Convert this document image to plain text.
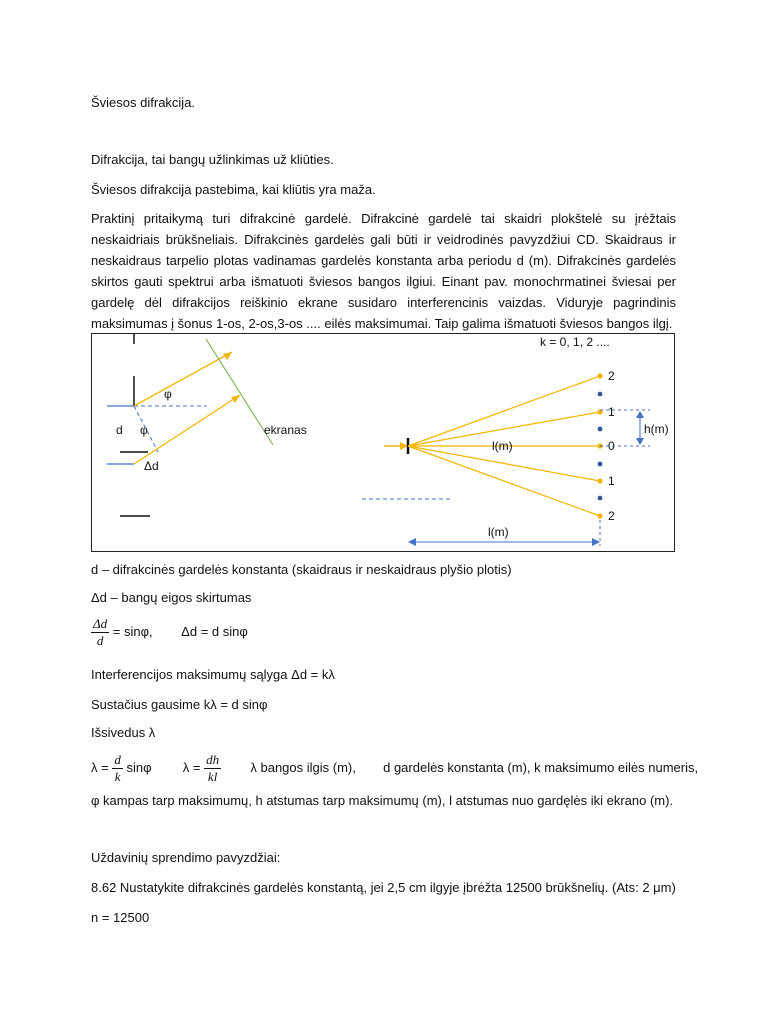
Šviesos difrakcija.
Difrakcija, tai bangų užlinkimas už kliūties.
Šviesos difrakcija pastebima, kai kliūtis yra maža.
Praktinį pritaikymą turi difrakcinė gardelė. Difrakcinė gardelė tai skaidri plokštelė su įrėžtais neskaidriais brūkšneliais. Difrakcinės gardelės gali būti ir veidrodinės pavyzdžiui CD. Skaidraus ir neskaidraus tarpelio plotas vadinamas gardelės konstanta arba periodu d (m). Difrakcinės gardelės skirtos gauti spektrui arba išmatuoti šviesos bangos ilgiui. Einant pav. monochrmatinei šviesai per gardelę dėl difrakcijos reiškinio ekrane susidaro interferencinis vaizdas. Viduryje pagrindinis maksimumas į šonus 1-os, 2-os,3-os .... eilės maksimumai. Taip galima išmatuoti šviesos bangos ilgį.
φ
d φ
Δd
ekranas
2
1
0
1
2
k = 0, 1, 2 ....
l(m)
h(m)
l(m)
d – difrakcinės gardelės konstanta (skaidraus ir neskaidraus plyšio plotis)
Δd – bangų eigos skirtumas
$\frac{\Delta d}{d} = \sin\varphi$, Δd = d sinφ
Interferencijos maksimumų sąlyga Δd = kλ
Sustačius gausime kλ = d sinφ
Išsivedus λ
$\lambda = \frac{d}{k}$ sinφ $\lambda = \frac{dh}{kl}$ λ bangos ilgis (m), d gardelės konstanta (m), k maksimumo eilės numeris,
φ kampas tarp maksimumų, h atstumas tarp maksimumų (m), l atstumas nuo gardęlės iki ekrano (m).
Uždavinių sprendimo pavyzdžiai:
8.62 Nustatykite difrakcinės gardelės konstantą, jei 2,5 cm ilgyje įbrėžta 12500 brūkšnelių. (Ats: 2 μm)
n = 12500
